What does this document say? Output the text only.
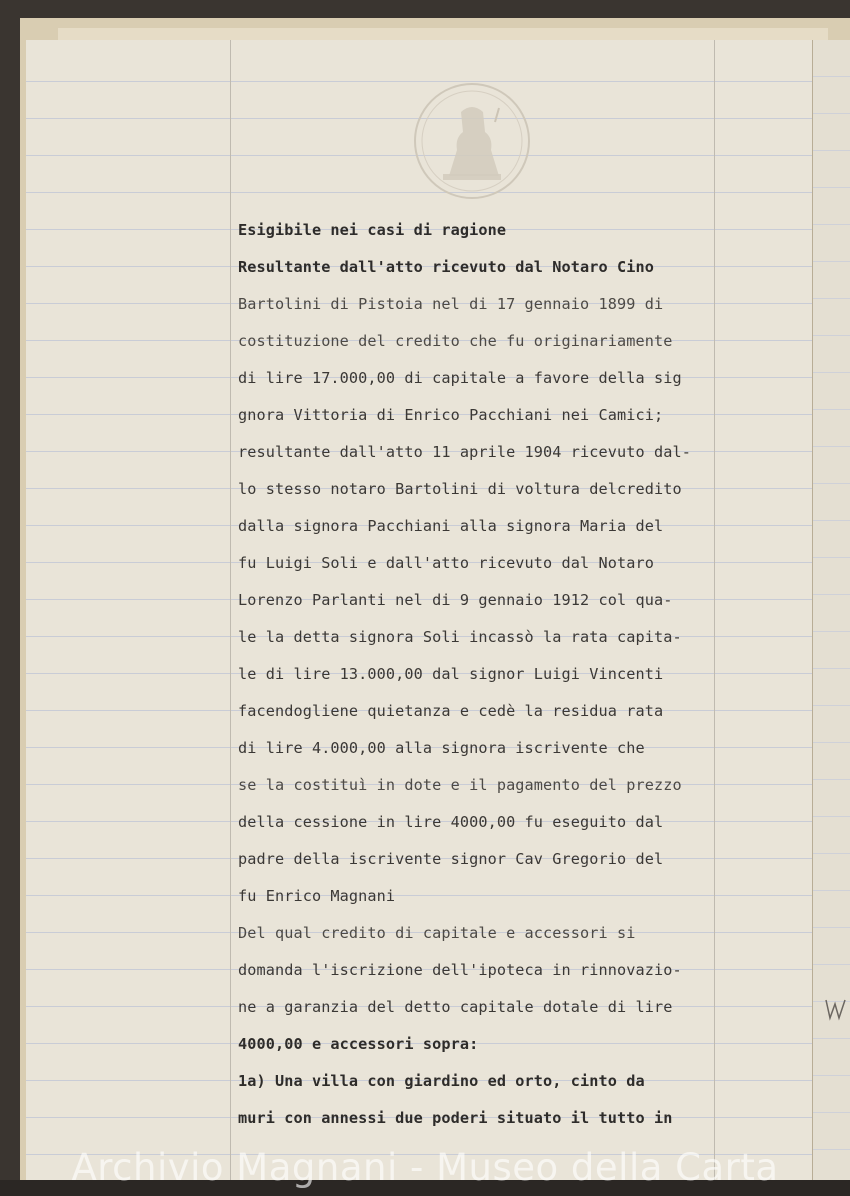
Esigibile nei casi di ragione
Resultante dall'atto ricevuto dal Notaro Cino
Bartolini di Pistoia nel di 17 gennaio 1899 di
costituzione del credito che fu originariamente
di lire 17.000,00 di capitale a favore della sig
gnora Vittoria di Enrico Pacchiani nei Camici;
resultante dall'atto 11 aprile 1904 ricevuto dal-
lo stesso notaro Bartolini di voltura delcredito
dalla signora Pacchiani alla signora Maria del
fu Luigi Soli e dall'atto ricevuto dal Notaro
Lorenzo Parlanti nel di 9 gennaio 1912 col qua-
le la detta signora Soli incassò la rata capita-
le di lire 13.000,00 dal signor Luigi Vincenti
facendogliene quietanza e cedè la residua rata
di lire 4.000,00 alla signora iscrivente che
se la costituì in dote e il pagamento del prezzo
della cessione in lire 4000,00 fu eseguito dal
padre della iscrivente signor Cav Gregorio del
fu Enrico Magnani
Del qual credito di capitale e accessori si
domanda l'iscrizione dell'ipoteca in rinnovazio-
ne a garanzia del detto capitale dotale di lire
4000,00 e accessori sopra:
1a) Una villa con giardino ed orto, cinto da
muri con annessi due poderi situato il tutto in
Archivio Magnani - Museo della Carta
